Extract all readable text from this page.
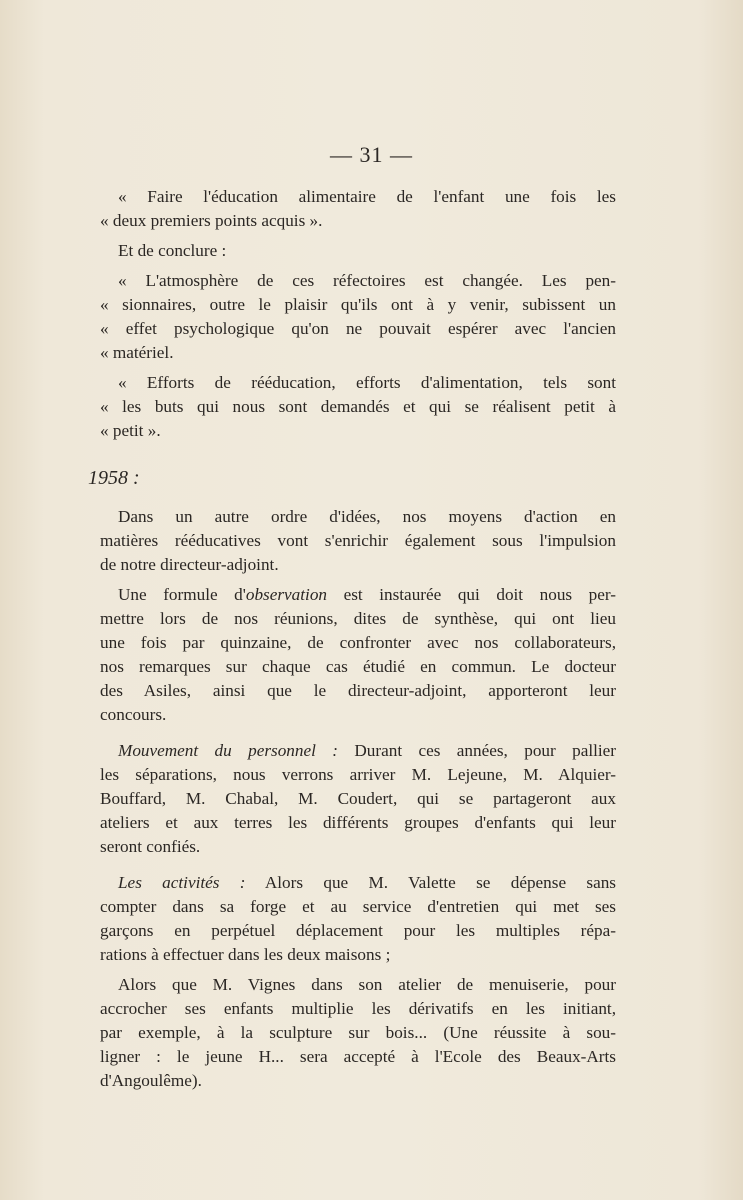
— 31 —
« Faire l'éducation alimentaire de l'enfant une fois les
« deux premiers points acquis ».
Et de conclure :
« L'atmosphère de ces réfectoires est changée. Les pen-
« sionnaires, outre le plaisir qu'ils ont à y venir, subissent un
« effet psychologique qu'on ne pouvait espérer avec l'ancien
« matériel.
« Efforts de rééducation, efforts d'alimentation, tels sont
« les buts qui nous sont demandés et qui se réalisent petit à
« petit ».
1958 :
Dans un autre ordre d'idées, nos moyens d'action en
matières rééducatives vont s'enrichir également sous l'impulsion
de notre directeur-adjoint.
Une formule d'observation est instaurée qui doit nous per-
mettre lors de nos réunions, dites de synthèse, qui ont lieu
une fois par quinzaine, de confronter avec nos collaborateurs,
nos remarques sur chaque cas étudié en commun. Le docteur
des Asiles, ainsi que le directeur-adjoint, apporteront leur
concours.
Mouvement du personnel : Durant ces années, pour pallier
les séparations, nous verrons arriver M. Lejeune, M. Alquier-
Bouffard, M. Chabal, M. Coudert, qui se partageront aux
ateliers et aux terres les différents groupes d'enfants qui leur
seront confiés.
Les activités : Alors que M. Valette se dépense sans
compter dans sa forge et au service d'entretien qui met ses
garçons en perpétuel déplacement pour les multiples répa-
rations à effectuer dans les deux maisons ;
Alors que M. Vignes dans son atelier de menuiserie, pour
accrocher ses enfants multiplie les dérivatifs en les initiant,
par exemple, à la sculpture sur bois... (Une réussite à sou-
ligner : le jeune H... sera accepté à l'Ecole des Beaux-Arts
d'Angoulême).
